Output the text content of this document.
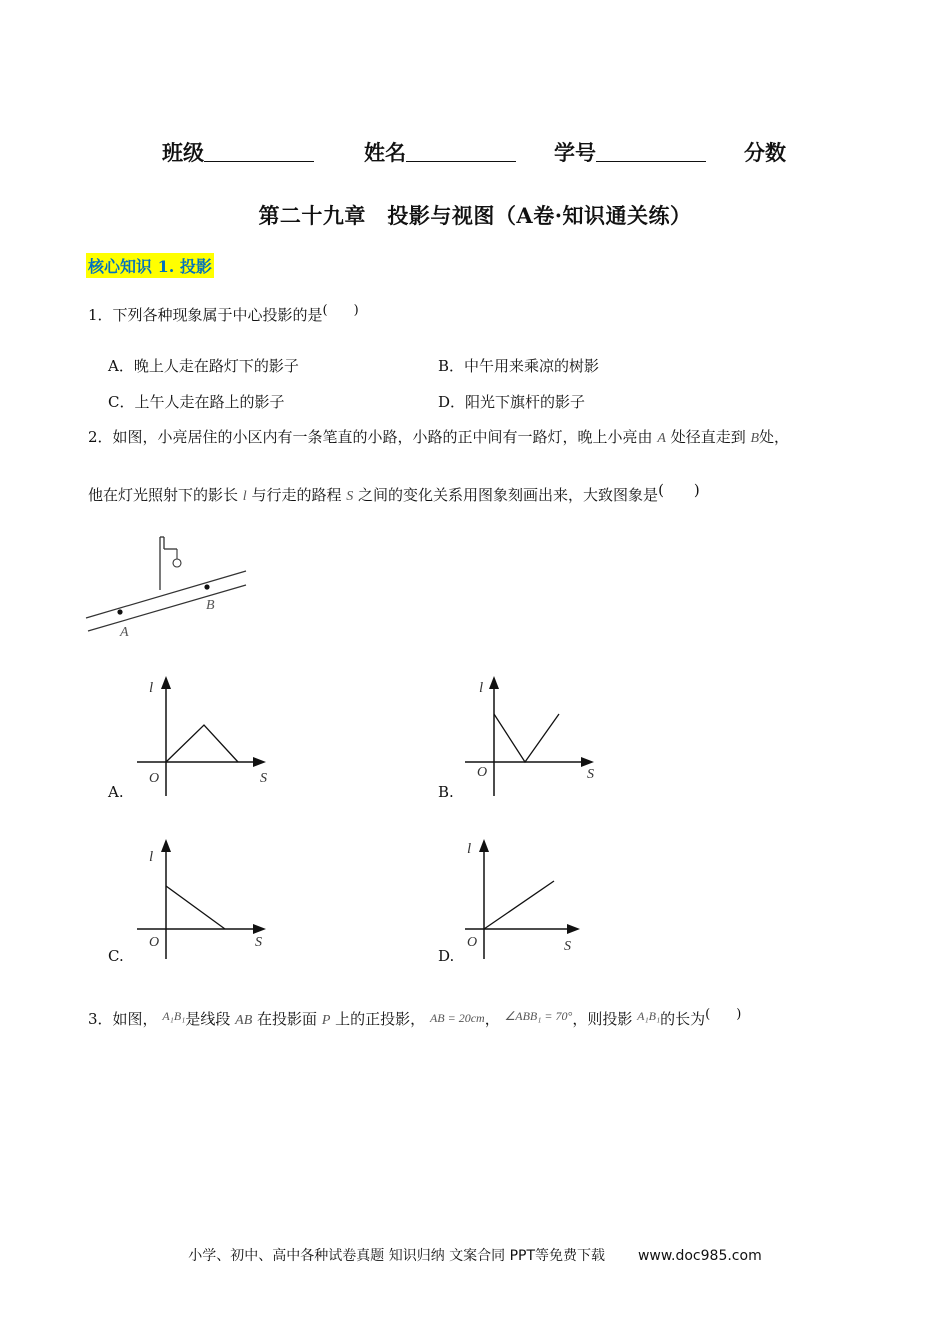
班级	姓名	学号	分数
第二十九章　投影与视图（A卷·知识通关练）
核心知识 1. 投影
1．下列各种现象属于中心投影的是(　　)
A．晚上人走在路灯下的影子	B．中午用来乘凉的树影
C．上午人走在路上的影子	D．阳光下旗杆的影子
2．如图，小亮居住的小区内有一条笔直的小路，小路的正中间有一路灯，晚上小亮由 A 处径直走到 B处，
他在灯光照射下的影长 l 与行走的路程 S 之间的变化关系用图象刻画出来，大致图象是(　　)
A
B
A.
l
O	S
B.
l
O	S
C.
l
O	S
D.
l
O	S
3．如图， $^{A_1B_1}$是线段 AB 在投影面 P 上的正投影， AB = 20cm， $^{\angle ABB_1 = 70^\circ}$，则投影 $^{A_1B_1}$的长为(　　)
小学、初中、高中各种试卷真题 知识归纳 文案合同 PPT等免费下载 www.doc985.com
